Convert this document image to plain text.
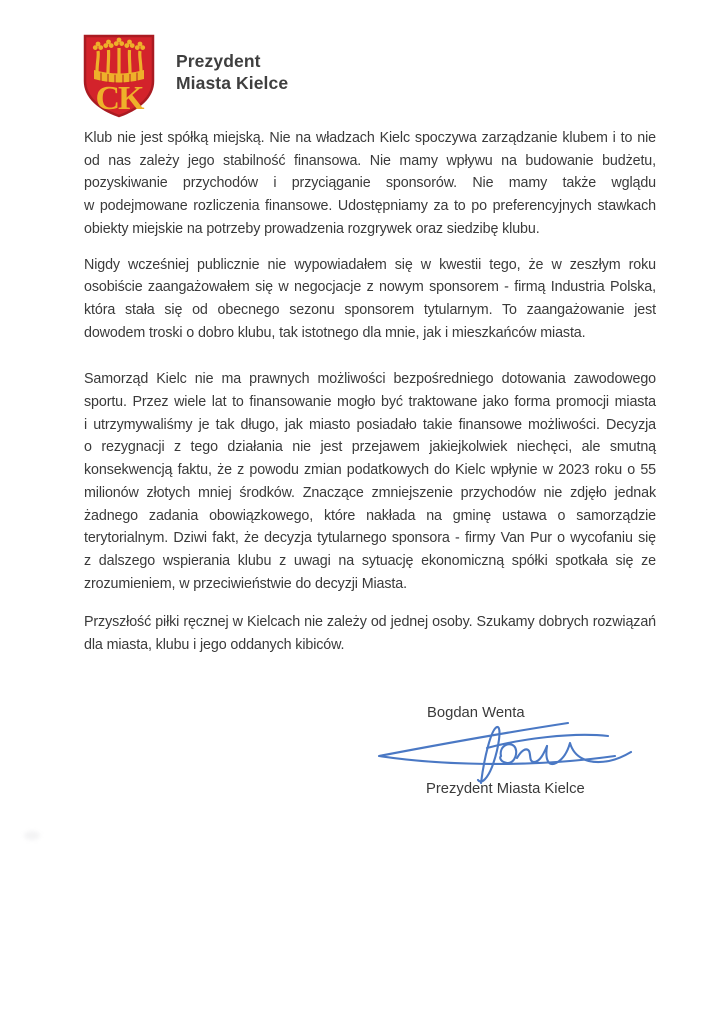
CK
Prezydent
Miasta Kielce

Klub nie jest spółką miejską. Nie na władzach Kielc spoczywa zarządzanie klubem i to nie od nas zależy jego stabilność finansowa. Nie mamy wpływu na budowanie budżetu, pozyskiwanie przychodów i przyciąganie sponsorów. Nie mamy także wglądu w podejmowane rozliczenia finansowe. Udostępniamy za to po preferencyjnych stawkach obiekty miejskie na potrzeby prowadzenia rozgrywek oraz siedzibę klubu.

Nigdy wcześniej publicznie nie wypowiadałem się w kwestii tego, że w zeszłym roku osobiście zaangażowałem się w negocjacje z nowym sponsorem - firmą Industria Polska, która stała się od obecnego sezonu sponsorem tytularnym. To zaangażowanie jest dowodem troski o dobro klubu, tak istotnego dla mnie, jak i mieszkańców miasta.

Samorząd Kielc nie ma prawnych możliwości bezpośredniego dotowania zawodowego sportu. Przez wiele lat to finansowanie mogło być traktowane jako forma promocji miasta i utrzymywaliśmy je tak długo, jak miasto posiadało takie finansowe możliwości. Decyzja o rezygnacji z tego działania nie jest przejawem jakiejkolwiek niechęci, ale smutną konsekwencją faktu, że z powodu zmian podatkowych do Kielc wpłynie w 2023 roku o 55 milionów złotych mniej środków. Znaczące zmniejszenie przychodów nie zdjęło jednak żadnego zadania obowiązkowego, które nakłada na gminę ustawa o samorządzie terytorialnym. Dziwi fakt, że decyzja tytularnego sponsora - firmy Van Pur o wycofaniu się z dalszego wspierania klubu z uwagi na sytuację ekonomiczną spółki spotkała się ze zrozumieniem, w przeciwieństwie do decyzji Miasta.

Przyszłość piłki ręcznej w Kielcach nie zależy od jednej osoby. Szukamy dobrych rozwiązań dla miasta, klubu i jego oddanych kibiców.

Bogdan Wenta
Prezydent Miasta Kielce
